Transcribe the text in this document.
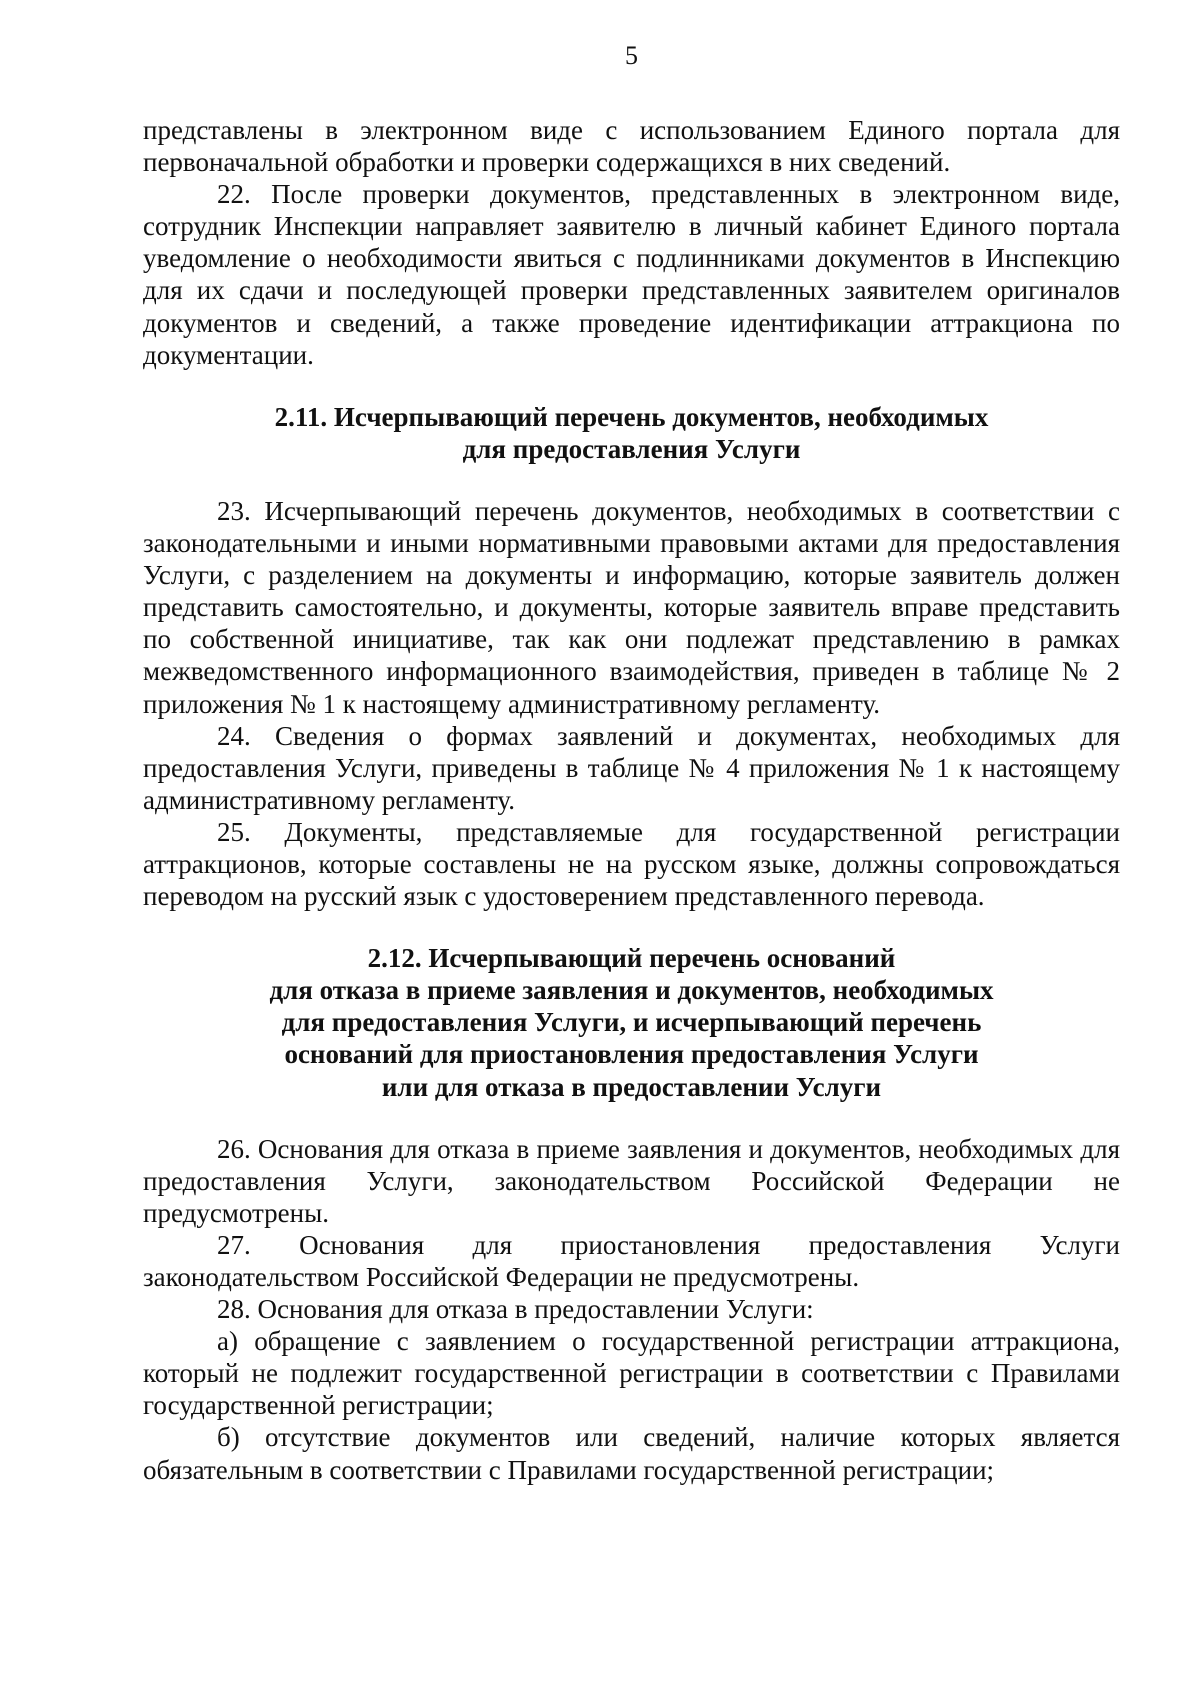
5

представлены в электронном виде с использованием Единого портала для первоначальной обработки и проверки содержащихся в них сведений.

22. После проверки документов, представленных в электронном виде, сотрудник Инспекции направляет заявителю в личный кабинет Единого портала уведомление о необходимости явиться с подлинниками документов в Инспекцию для их сдачи и последующей проверки представленных заявителем оригиналов документов и сведений, а также проведение идентификации аттракциона по документации.

2.11. Исчерпывающий перечень документов, необходимых
для предоставления Услуги

23. Исчерпывающий перечень документов, необходимых в соответствии с законодательными и иными нормативными правовыми актами для предоставления Услуги, с разделением на документы и информацию, которые заявитель должен представить самостоятельно, и документы, которые заявитель вправе представить по собственной инициативе, так как они подлежат представлению в рамках межведомственного информационного взаимодействия, приведен в таблице № 2 приложения № 1 к настоящему административному регламенту.

24. Сведения о формах заявлений и документах, необходимых для предоставления Услуги, приведены в таблице № 4 приложения № 1 к настоящему административному регламенту.

25. Документы, представляемые для государственной регистрации аттракционов, которые составлены не на русском языке, должны сопровождаться переводом на русский язык с удостоверением представленного перевода.

2.12. Исчерпывающий перечень оснований
для отказа в приеме заявления и документов, необходимых
для предоставления Услуги, и исчерпывающий перечень
оснований для приостановления предоставления Услуги
или для отказа в предоставлении Услуги

26. Основания для отказа в приеме заявления и документов, необходимых для предоставления Услуги, законодательством Российской Федерации не предусмотрены.

27. Основания для приостановления предоставления Услуги законодательством Российской Федерации не предусмотрены.

28. Основания для отказа в предоставлении Услуги:

а) обращение с заявлением о государственной регистрации аттракциона, который не подлежит государственной регистрации в соответствии с Правилами государственной регистрации;

б) отсутствие документов или сведений, наличие которых является обязательным в соответствии с Правилами государственной регистрации;
